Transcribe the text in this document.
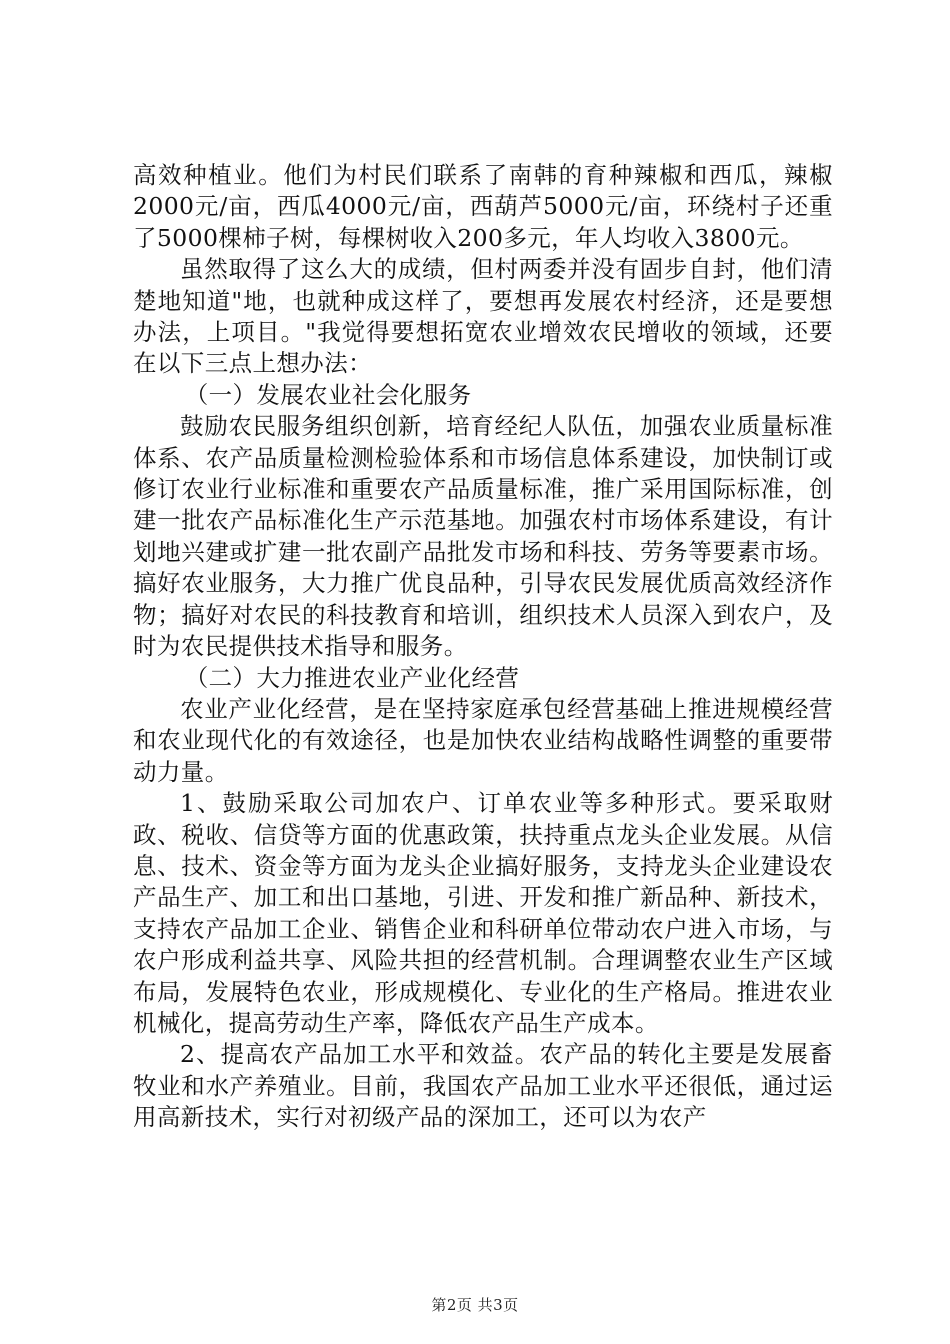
高效种植业。他们为村民们联系了南韩的育种辣椒和西瓜，辣椒2000元/亩，西瓜4000元/亩，西葫芦5000元/亩，环绕村子还重了5000棵柿子树，每棵树收入200多元，年人均收入3800元。

虽然取得了这么大的成绩，但村两委并没有固步自封，他们清楚地知道"地，也就种成这样了，要想再发展农村经济，还是要想办法，上项目。"我觉得要想拓宽农业增效农民增收的领域，还要在以下三点上想办法：

（一）发展农业社会化服务

鼓励农民服务组织创新，培育经纪人队伍，加强农业质量标准体系、农产品质量检测检验体系和市场信息体系建设，加快制订或修订农业行业标准和重要农产品质量标准，推广采用国际标准，创建一批农产品标准化生产示范基地。加强农村市场体系建设，有计划地兴建或扩建一批农副产品批发市场和科技、劳务等要素市场。搞好农业服务，大力推广优良品种，引导农民发展优质高效经济作物；搞好对农民的科技教育和培训，组织技术人员深入到农户，及时为农民提供技术指导和服务。

（二）大力推进农业产业化经营

农业产业化经营，是在坚持家庭承包经营基础上推进规模经营和农业现代化的有效途径，也是加快农业结构战略性调整的重要带动力量。

1、鼓励采取公司加农户、订单农业等多种形式。要采取财政、税收、信贷等方面的优惠政策，扶持重点龙头企业发展。从信息、技术、资金等方面为龙头企业搞好服务，支持龙头企业建设农产品生产、加工和出口基地，引进、开发和推广新品种、新技术，支持农产品加工企业、销售企业和科研单位带动农户进入市场，与农户形成利益共享、风险共担的经营机制。合理调整农业生产区域布局，发展特色农业，形成规模化、专业化的生产格局。推进农业机械化，提高劳动生产率，降低农产品生产成本。

2、提高农产品加工水平和效益。农产品的转化主要是发展畜牧业和水产养殖业。目前，我国农产品加工业水平还很低，通过运用高新技术，实行对初级产品的深加工，还可以为农产

第2页 共3页
